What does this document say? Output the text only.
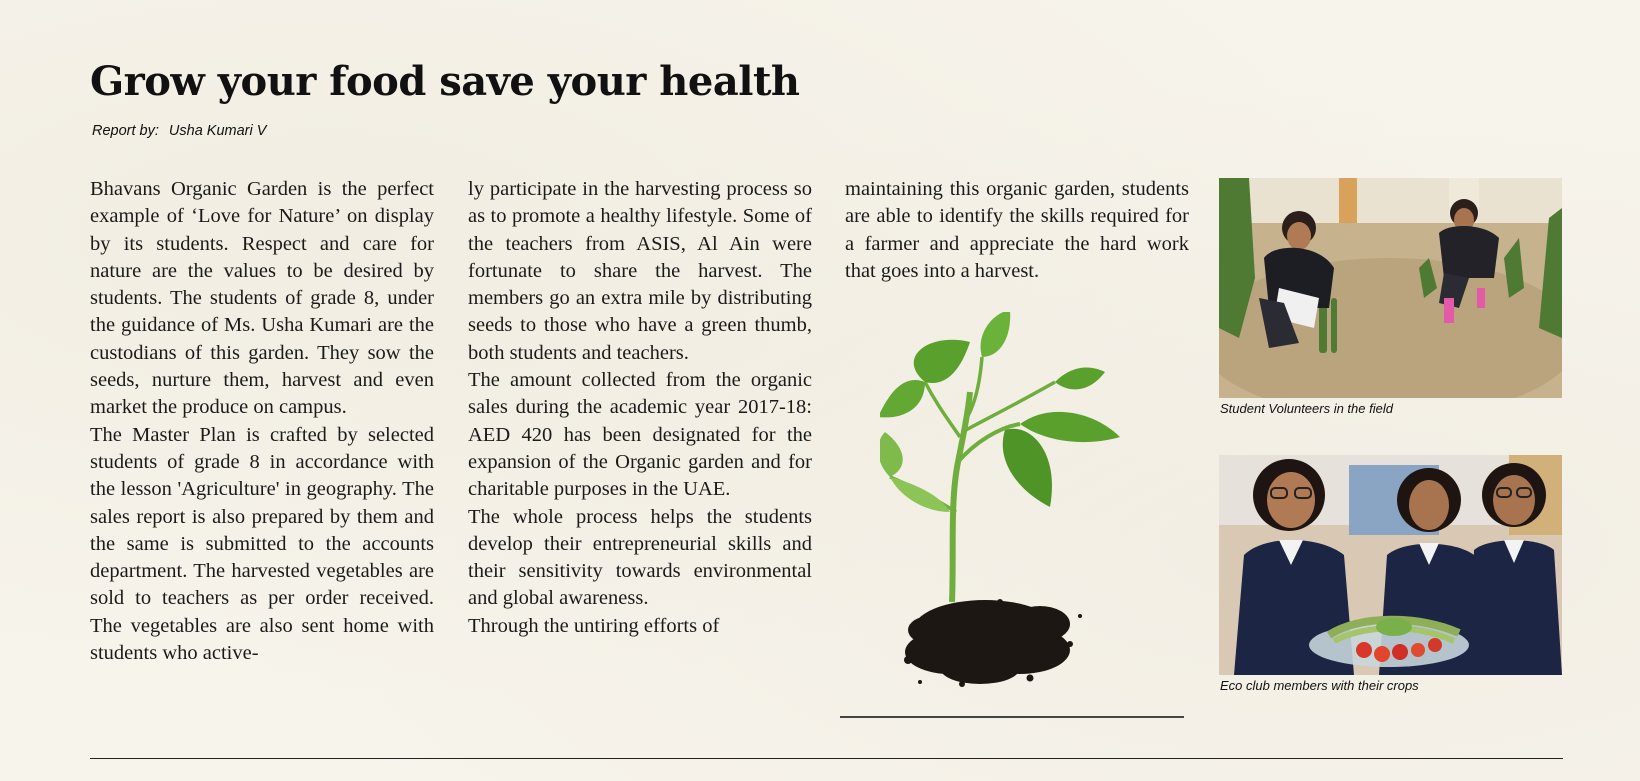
Grow your food save your health
Report by: Usha Kumari V

Bhavans Organic Garden is the perfect example of ‘Love for Nature’ on display by its students. Respect and care for nature are the values to be desired by students. The students of grade 8, under the guidance of Ms. Usha Kumari are the custodians of this garden. They sow the seeds, nurture them, harvest and even market the produce on campus.

The Master Plan is crafted by selected students of grade 8 in accordance with the lesson 'Agriculture' in geography. The sales report is also prepared by them and the same is submitted to the accounts department. The harvested vegetables are sold to teachers as per order received. The vegetables are also sent home with students who active-

ly participate in the harvesting process so as to promote a healthy lifestyle. Some of the teachers from ASIS, Al Ain were fortunate to share the harvest. The members go an extra mile by distributing seeds to those who have a green thumb, both students and teachers.

The amount collected from the organic sales during the academic year 2017-18: AED 420 has been designated for the expansion of the Organic garden and for charitable purposes in the UAE.

The whole process helps the students develop their entrepreneurial skills and their sensitivity towards environmental and global awareness.

Through the untiring efforts of

maintaining this organic garden, students are able to identify the skills required for a farmer and appreciate the hard work that goes into a harvest.

Student Volunteers in the field
Eco club members with their crops
